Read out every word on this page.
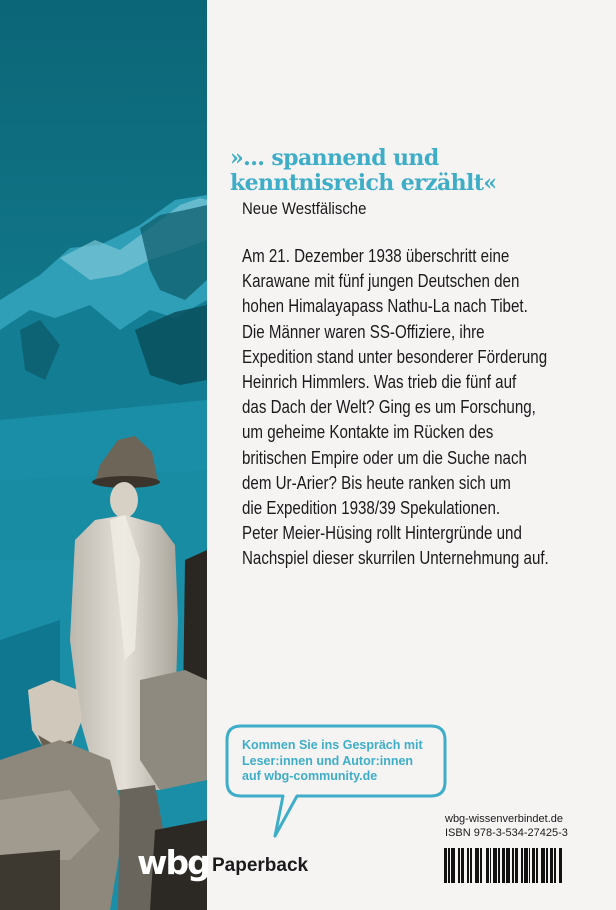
»... spannend und
kenntnisreich erzählt«
Neue Westfälische
Am 21. Dezember 1938 überschritt eine
Karawane mit fünf jungen Deutschen den
hohen Himalayapass Nathu-La nach Tibet.
Die Männer waren SS-Offiziere, ihre
Expedition stand unter besonderer Förderung
Heinrich Himmlers. Was trieb die fünf auf
das Dach der Welt? Ging es um Forschung,
um geheime Kontakte im Rücken des
britischen Empire oder um die Suche nach
dem Ur-Arier? Bis heute ranken sich um
die Expedition 1938/39 Spekulationen.
Peter Meier-Hüsing rollt Hintergründe und
Nachspiel dieser skurrilen Unternehmung auf.
Kommen Sie ins Gespräch mit
Leser:innen und Autor:innen
auf wbg-community.de
wbg-wissenverbindet.de
ISBN 978-3-534-27425-3
wbg Paperback
